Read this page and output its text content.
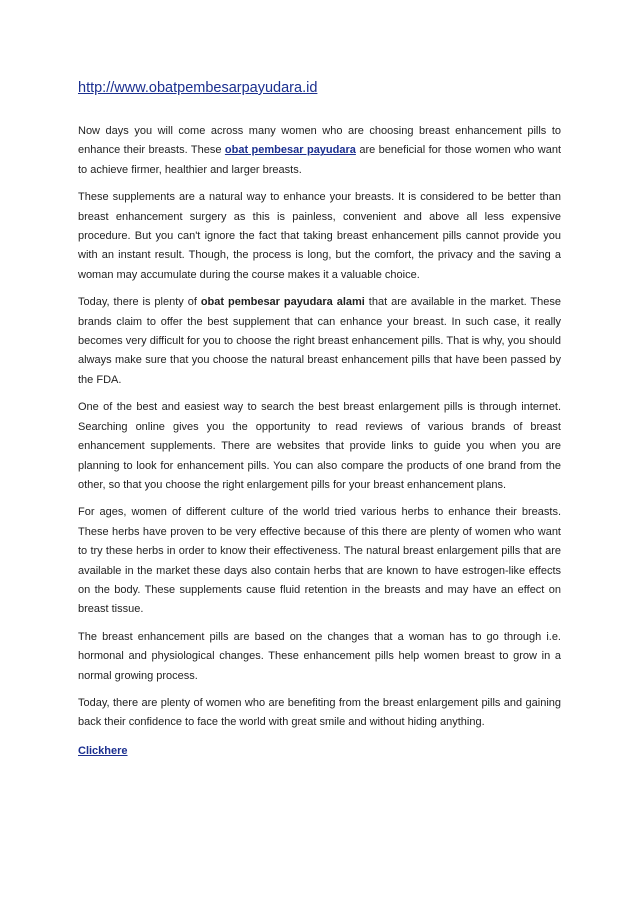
http://www.obatpembesarpayudara.id

Now days you will come across many women who are choosing breast enhancement pills to enhance their breasts. These obat pembesar payudara are beneficial for those women who want to achieve firmer, healthier and larger breasts.

These supplements are a natural way to enhance your breasts. It is considered to be better than breast enhancement surgery as this is painless, convenient and above all less expensive procedure. But you can't ignore the fact that taking breast enhancement pills cannot provide you with an instant result. Though, the process is long, but the comfort, the privacy and the saving a woman may accumulate during the course makes it a valuable choice.

Today, there is plenty of obat pembesar payudara alami that are available in the market. These brands claim to offer the best supplement that can enhance your breast. In such case, it really becomes very difficult for you to choose the right breast enhancement pills. That is why, you should always make sure that you choose the natural breast enhancement pills that have been passed by the FDA.

One of the best and easiest way to search the best breast enlargement pills is through internet. Searching online gives you the opportunity to read reviews of various brands of breast enhancement supplements. There are websites that provide links to guide you when you are planning to look for enhancement pills. You can also compare the products of one brand from the other, so that you choose the right enlargement pills for your breast enhancement plans.

For ages, women of different culture of the world tried various herbs to enhance their breasts. These herbs have proven to be very effective because of this there are plenty of women who want to try these herbs in order to know their effectiveness. The natural breast enlargement pills that are available in the market these days also contain herbs that are known to have estrogen-like effects on the body. These supplements cause fluid retention in the breasts and may have an effect on breast tissue.

The breast enhancement pills are based on the changes that a woman has to go through i.e. hormonal and physiological changes. These enhancement pills help women breast to grow in a normal growing process.

Today, there are plenty of women who are benefiting from the breast enlargement pills and gaining back their confidence to face the world with great smile and without hiding anything.

Clickhere
